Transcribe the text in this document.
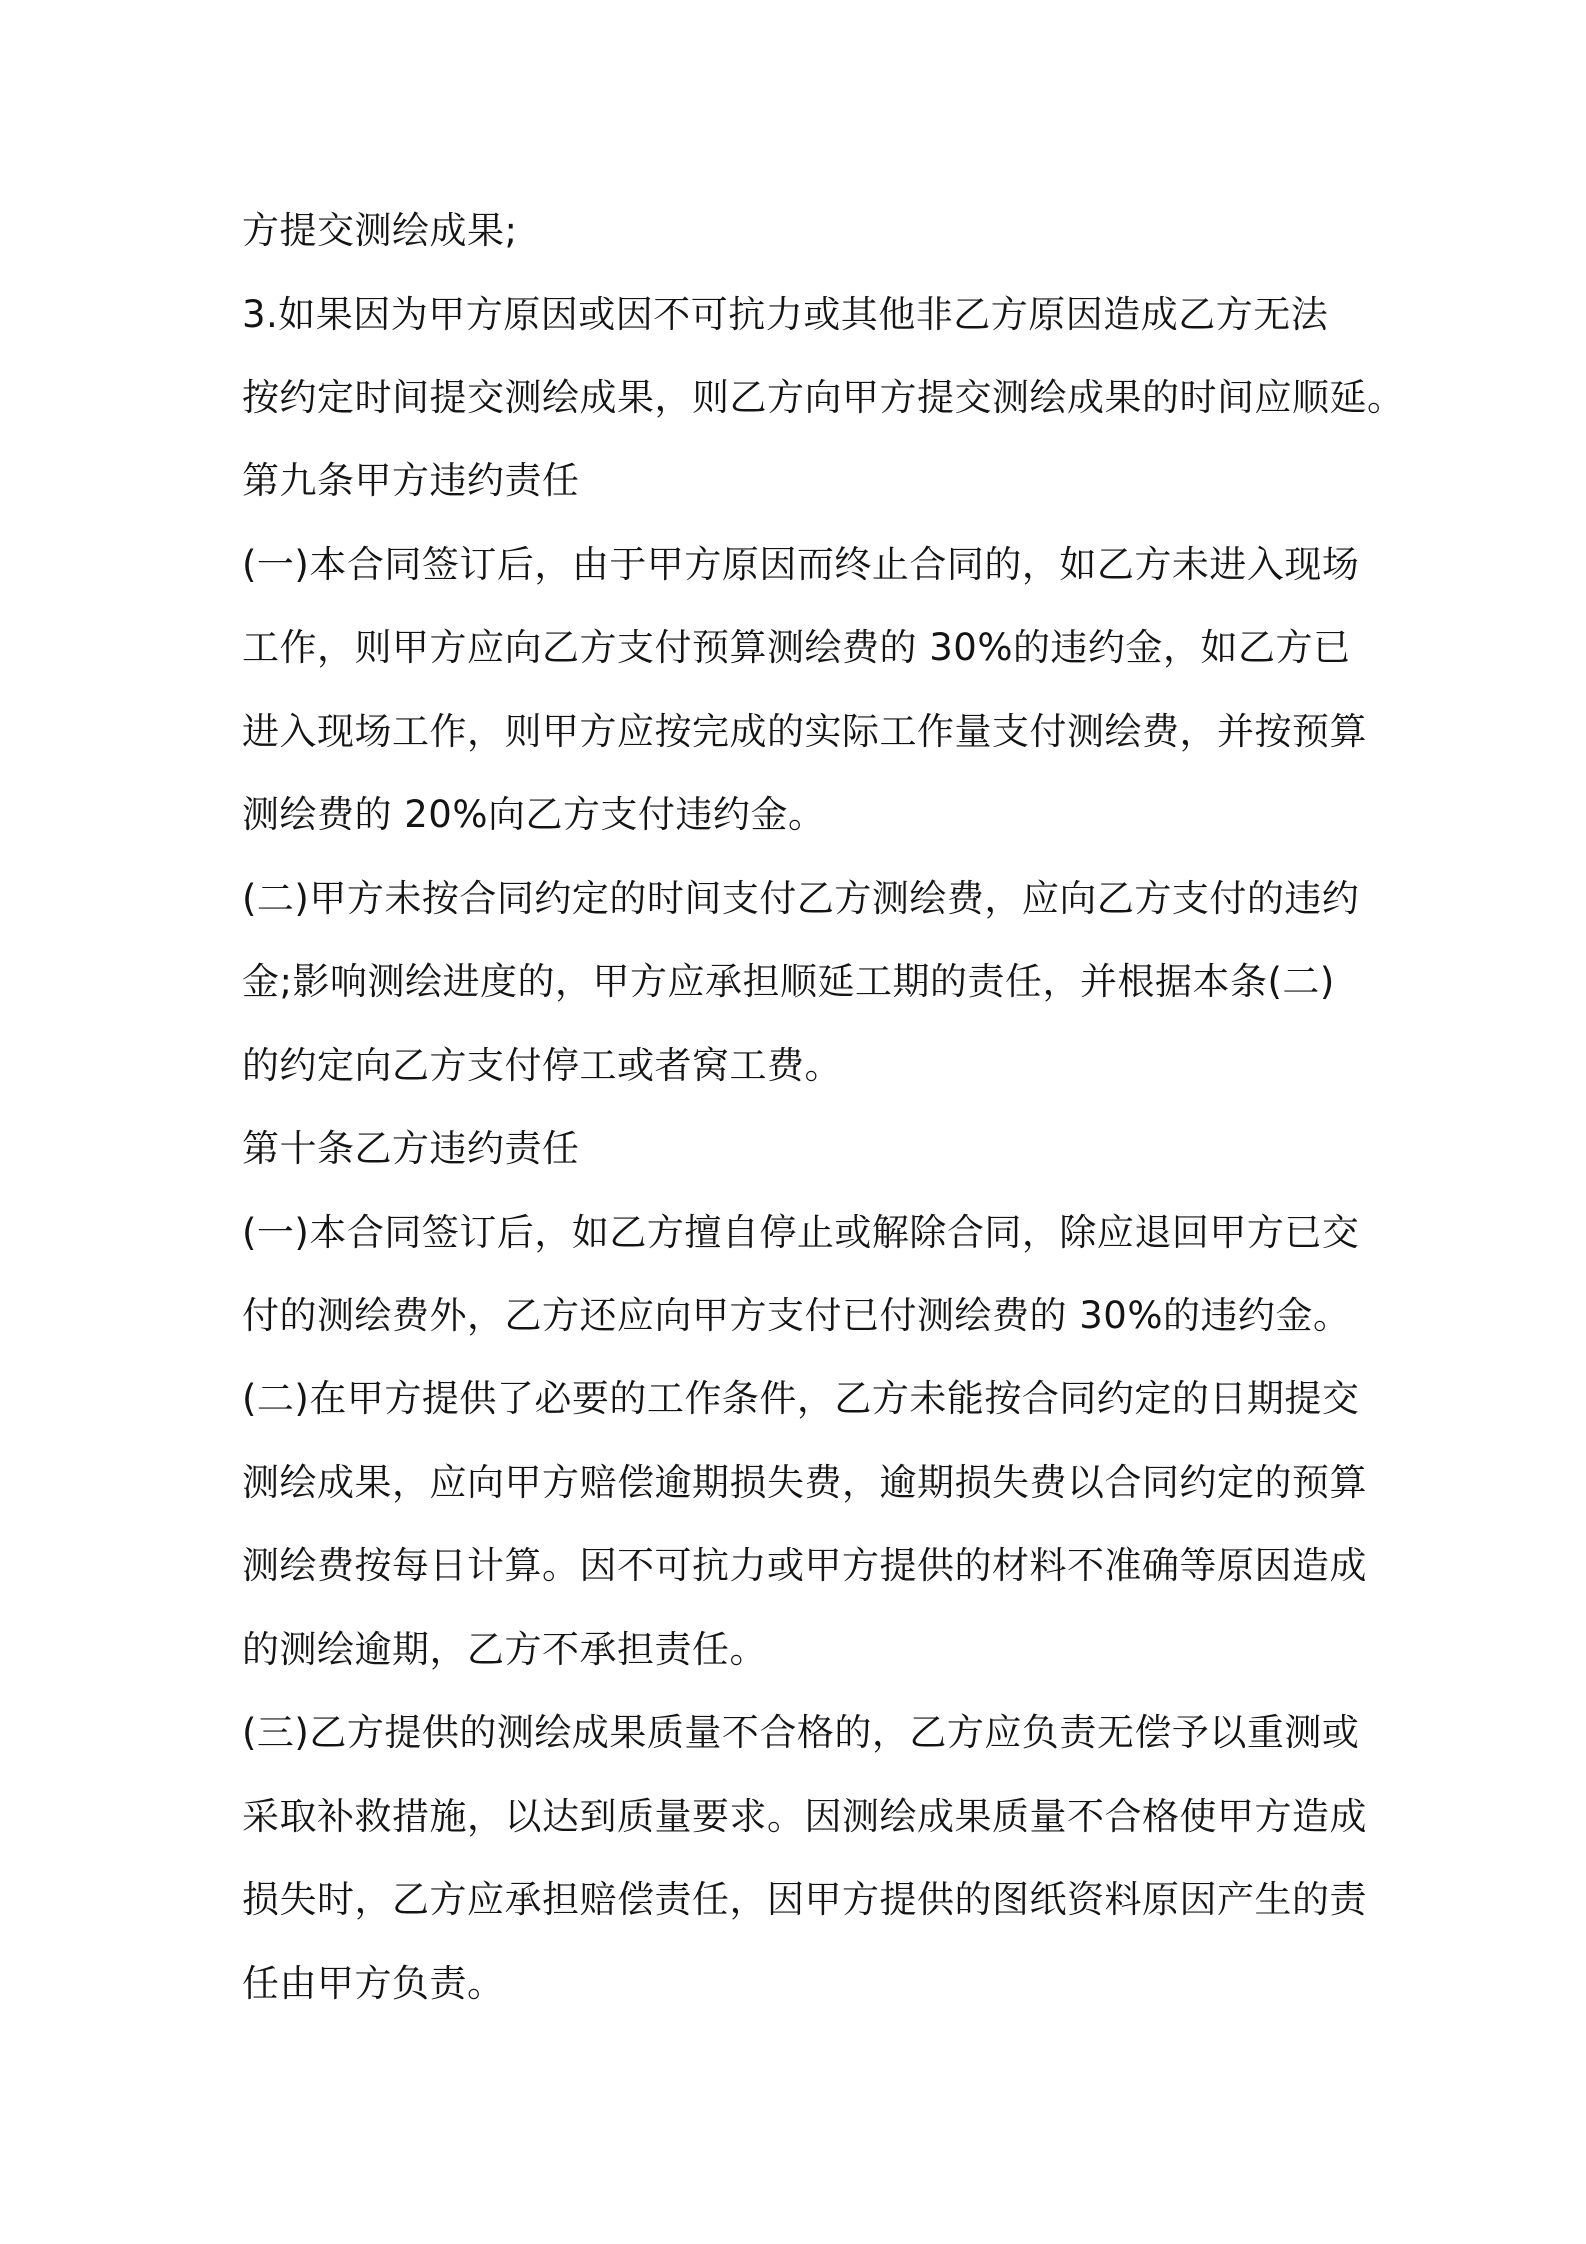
方提交测绘成果;
3.如果因为甲方原因或因不可抗力或其他非乙方原因造成乙方无法
按约定时间提交测绘成果，则乙方向甲方提交测绘成果的时间应顺延。
第九条甲方违约责任
(一)本合同签订后，由于甲方原因而终止合同的，如乙方未进入现场
工作，则甲方应向乙方支付预算测绘费的 30%的违约金，如乙方已
进入现场工作，则甲方应按完成的实际工作量支付测绘费，并按预算
测绘费的 20%向乙方支付违约金。
(二)甲方未按合同约定的时间支付乙方测绘费，应向乙方支付的违约
金;影响测绘进度的，甲方应承担顺延工期的责任，并根据本条(二)
的约定向乙方支付停工或者窝工费。
第十条乙方违约责任
(一)本合同签订后，如乙方擅自停止或解除合同，除应退回甲方已交
付的测绘费外，乙方还应向甲方支付已付测绘费的 30%的违约金。
(二)在甲方提供了必要的工作条件，乙方未能按合同约定的日期提交
测绘成果，应向甲方赔偿逾期损失费，逾期损失费以合同约定的预算
测绘费按每日计算。因不可抗力或甲方提供的材料不准确等原因造成
的测绘逾期，乙方不承担责任。
(三)乙方提供的测绘成果质量不合格的，乙方应负责无偿予以重测或
采取补救措施，以达到质量要求。因测绘成果质量不合格使甲方造成
损失时，乙方应承担赔偿责任，因甲方提供的图纸资料原因产生的责
任由甲方负责。
